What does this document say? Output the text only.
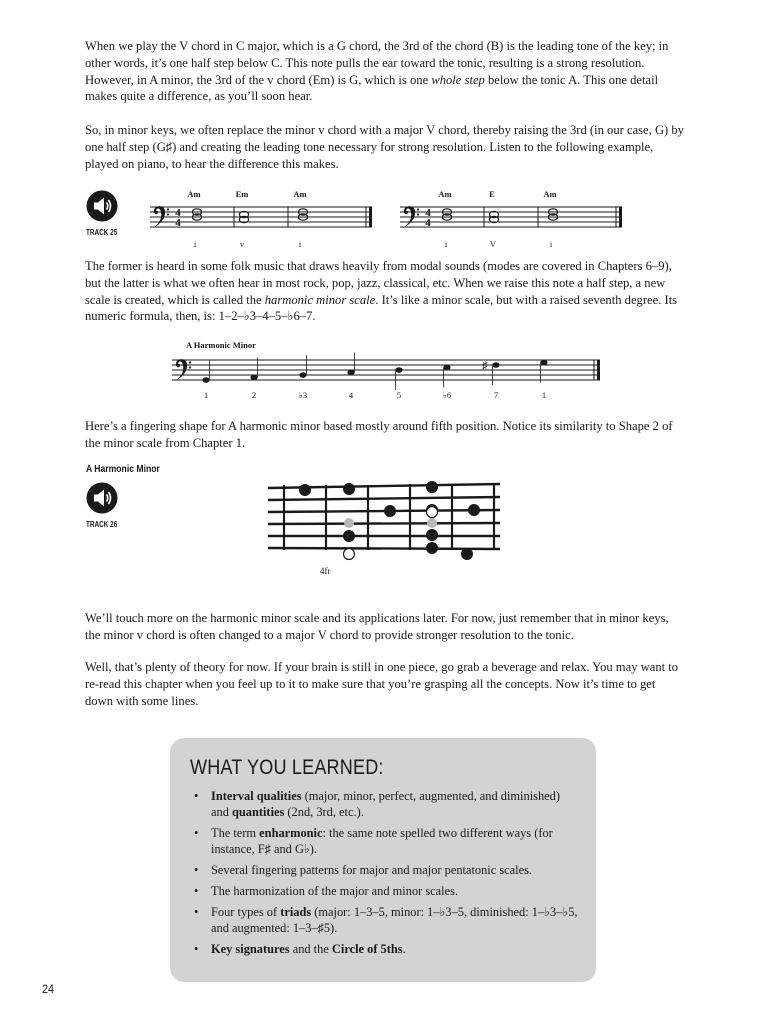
When we play the V chord in C major, which is a G chord, the 3rd of the chord (B) is the leading tone of the key; in other words, it’s one half step below C. This note pulls the ear toward the tonic, resulting is a strong resolution. However, in A minor, the 3rd of the v chord (Em) is G, which is one whole step below the tonic A. This one detail makes quite a difference, as you’ll soon hear.

So, in minor keys, we often replace the minor v chord with a major V chord, thereby raising the 3rd (in our case, G) by one half step (G♯) and creating the leading tone necessary for strong resolution. Listen to the following example, played on piano, to hear the difference this makes.

TRACK 25
4
4
4
4
Am	Em	Am	Am	E	Am
i	v	i	i	V	i

The former is heard in some folk music that draws heavily from modal sounds (modes are covered in Chapters 6–9), but the latter is what we often hear in most rock, pop, jazz, classical, etc. When we raise this note a half step, a new scale is created, which is called the harmonic minor scale. It’s like a minor scale, but with a raised seventh degree. Its numeric formula, then, is: 1–2–♭3–4–5–♭6–7.

A Harmonic Minor
♯
1	2	♭3	4	5	♭6	7	1

Here’s a fingering shape for A harmonic minor based mostly around fifth position. Notice its similarity to Shape 2 of the minor scale from Chapter 1.

A Harmonic Minor
TRACK 26
4fr

We’ll touch more on the harmonic minor scale and its applications later. For now, just remember that in minor keys, the minor v chord is often changed to a major V chord to provide stronger resolution to the tonic.

Well, that’s plenty of theory for now. If your brain is still in one piece, go grab a beverage and relax. You may want to re-read this chapter when you feel up to it to make sure that you’re grasping all the concepts. Now it’s time to get down with some lines.

WHAT YOU LEARNED:
• Interval qualities (major, minor, perfect, augmented, and diminished) and quantities (2nd, 3rd, etc.).
• The term enharmonic: the same note spelled two different ways (for instance, F♯ and G♭).
• Several fingering patterns for major and major pentatonic scales.
• The harmonization of the major and minor scales.
• Four types of triads (major: 1–3–5, minor: 1–♭3–5, diminished: 1–♭3–♭5, and augmented: 1–3–♯5).
• Key signatures and the Circle of 5ths.
24
